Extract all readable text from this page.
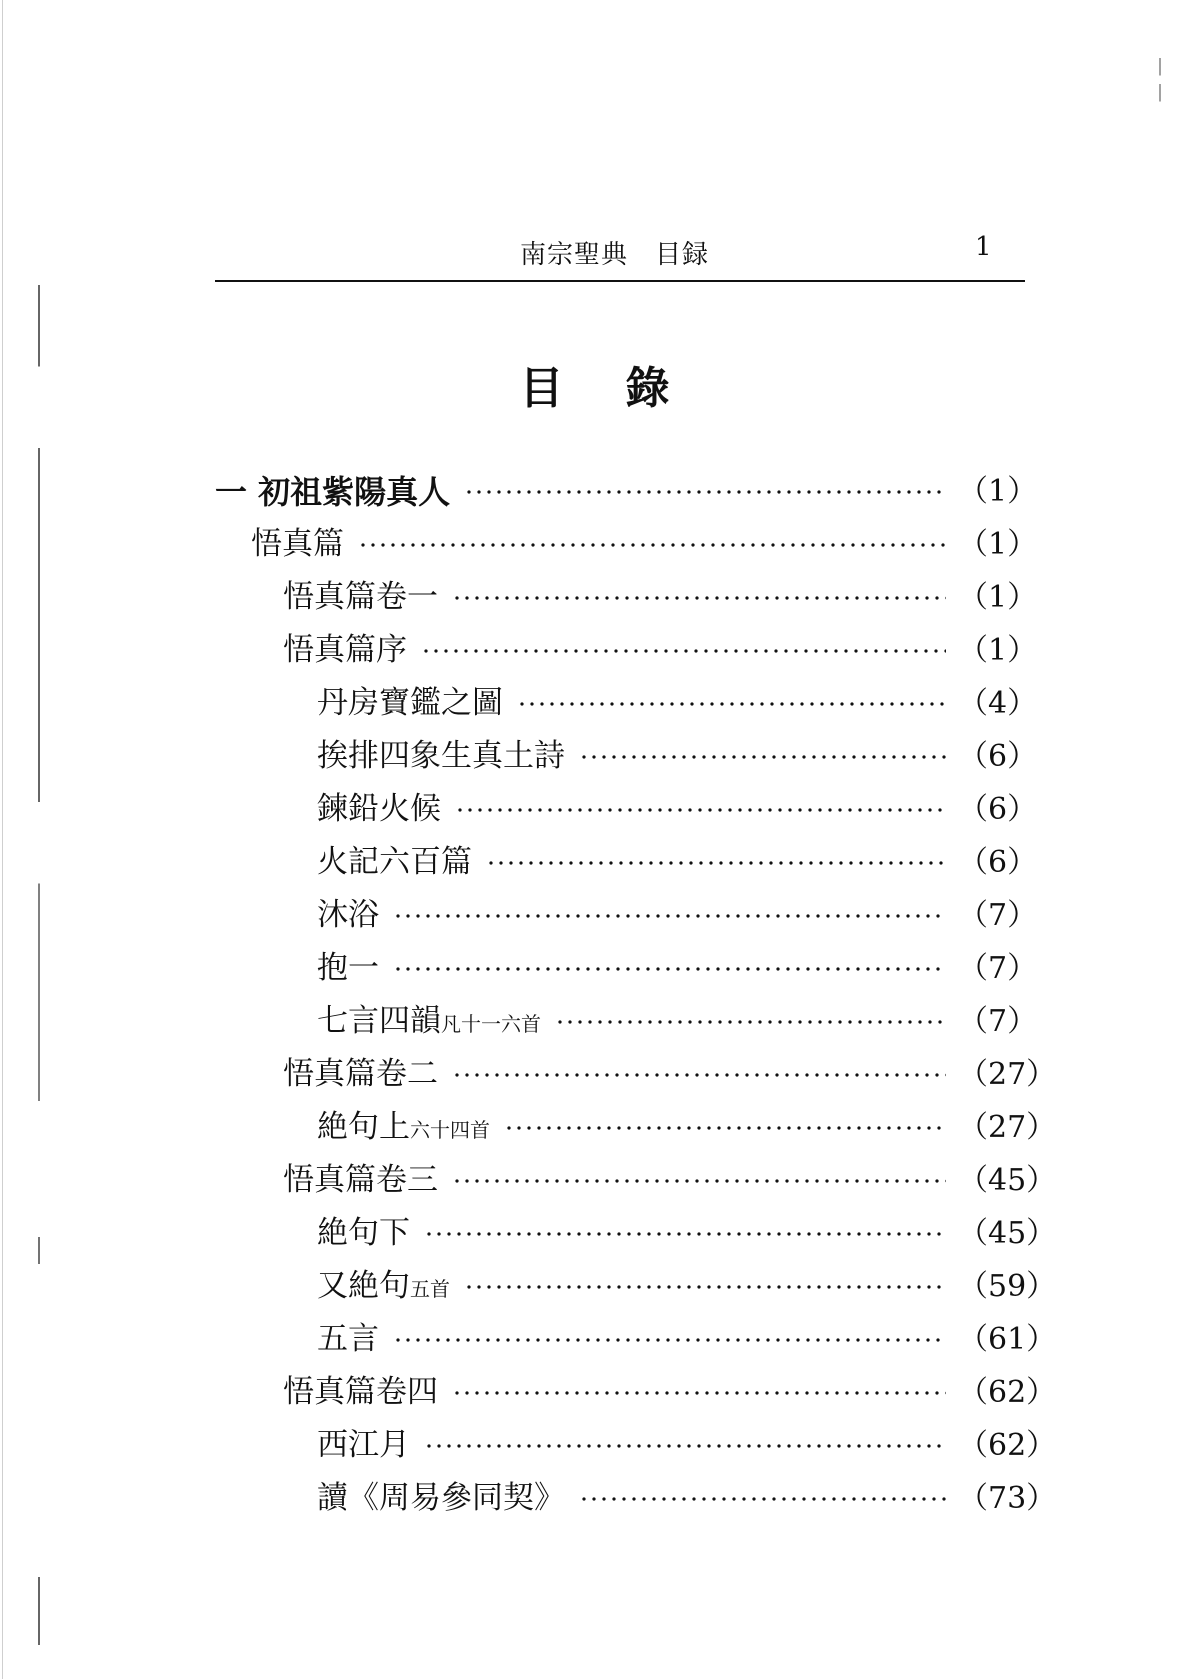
南宗聖典　目録	1
目錄
一 初祖紫陽真人	（1）
悟真篇	（1）
悟真篇卷一	（1）
悟真篇序	（1）
丹房寶鑑之圖	（4）
挨排四象生真土詩	（6）
鍊鉛火候	（6）
火記六百篇	（6）
沐浴	（7）
抱一	（7）
七言四韻凡十一六首	（7）
悟真篇卷二	（27）
絶句上六十四首	（27）
悟真篇卷三	（45）
絶句下	（45）
又絶句五首	（59）
五言	（61）
悟真篇卷四	（62）
西江月	（62）
讀《周易參同契》	（73）
